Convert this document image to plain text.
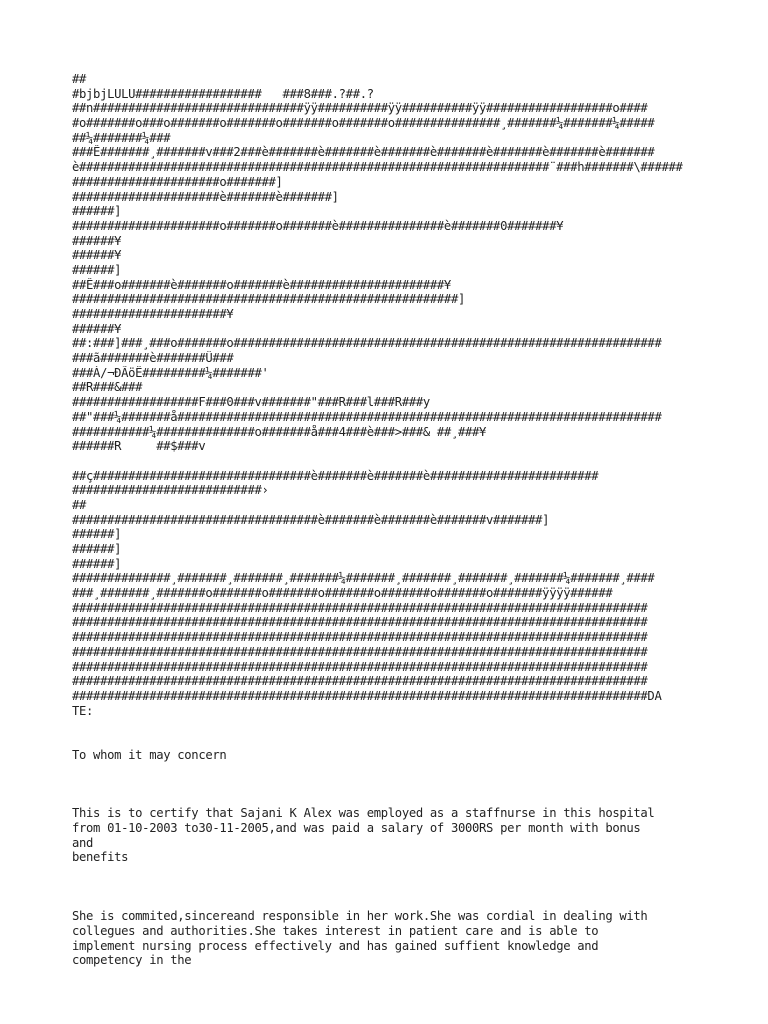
##
#bjbjLULU##################   ###8###.?##.?
##n##############################ÿÿ##########ÿÿ##########ÿÿ##################o####
#o#######o###o#######o#######o#######o#######o###############¸#######¼#######¼#####
##¼#######¼###
###Ê#######¸#######v###2###è#######è#######è#######è#######è#######è#######è#######
è###################################################################¨###h#######\######
#####################o#######]
#####################è#######è#######]
######]
#####################o#######o#######è###############è#######0#######¥
######¥
######¥
######]
##Ê###o#######è#######o#######è######################¥
#######################################################]
######################¥
######¥
##:###]###¸###o#######o#############################################################
###ã#######è#######Ü###
###À/¬ÐÃöË#########¼#######'
##R###&###
##################F###0###v#######"###R###l###R###y
##"###¼#######å#####################################################################
###########¼##############o#######å###4###è###>###& ##¸###¥
######R     ##$###v
##ç###############################è#######è#######è########################
###########################›
##
###################################è#######è#######è#######v#######]
######]
######]
######]
##############¸#######¸#######¸#######¼#######¸#######¸#######¸#######¼#######¸####
###¸#######¸#######o#######o#######o#######o#######o#######o#######ÿÿÿÿ######
##################################################################################
##################################################################################
##################################################################################
##################################################################################
##################################################################################
##################################################################################
##################################################################################DA
TE:
To whom it may concern
This is to certify that Sajani K Alex was employed as a staffnurse in this hospital
from 01-10-2003 to30-11-2005,and was paid a salary of 3000RS per month with bonus
and
benefits
She is commited,sincereand responsible in her work.She was cordial in dealing with
collegues and authorities.She takes interest in patient care and is able to
implement nursing process effectively and has gained suffient knowledge and
competency in the
